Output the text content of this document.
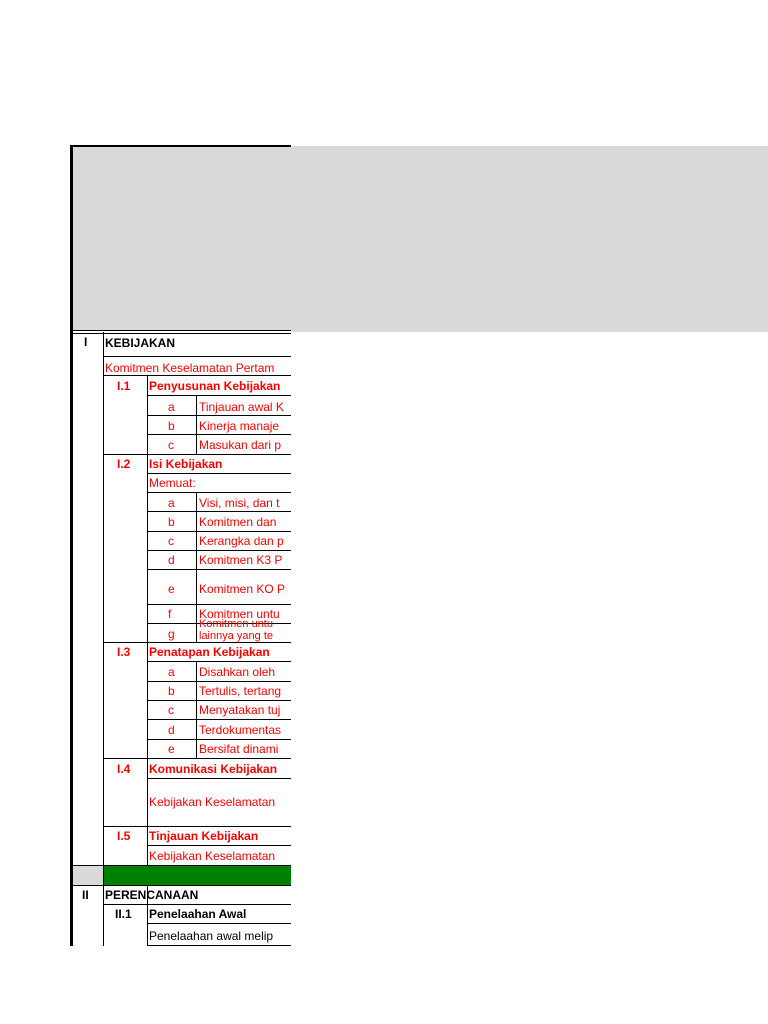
I KEBIJAKAN
Komitmen Keselamatan Pertam
I.1 Penyusunan Kebijakan
a Tinjauan awal K
b Kinerja manaje
c Masukan dari p
I.2 Isi Kebijakan
Memuat:
a Visi, misi, dan t
b Komitmen dan
c Kerangka dan p
d Komitmen K3 P
e Komitmen KO P
f Komitmen untu
g
Komitmen untu
lainnya yang te
I.3 Penatapan Kebijakan
a Disahkan oleh
b Tertulis, tertang
c Menyatakan tuj
d Terdokumentas
e Bersifat dinami
I.4 Komunikasi Kebijakan
Kebijakan Keselamatan
I.5 Tinjauan Kebijakan
Kebijakan Keselamatan
II PERENCANAAN
II.1 Penelaahan Awal
Penelaahan awal melip
